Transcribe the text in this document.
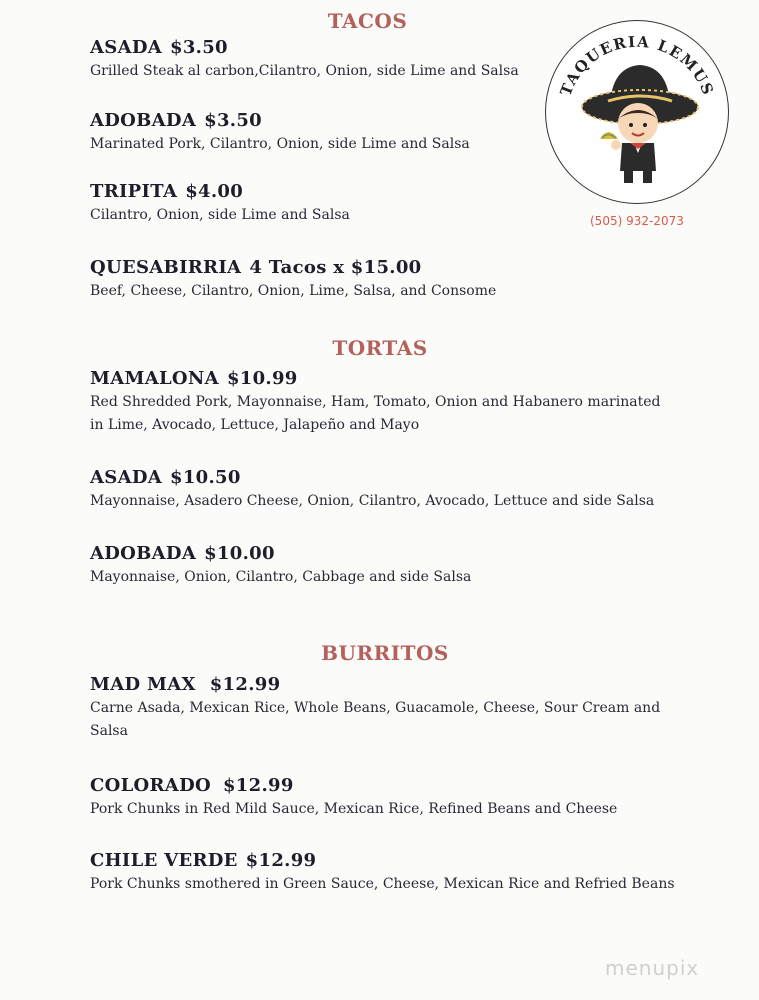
TACOS

ASADA $3.50

Grilled Steak al carbon,Cilantro, Onion, side Lime and Salsa

ADOBADA $3.50

Marinated Pork, Cilantro, Onion, side Lime and Salsa

TRIPITA $4.00

Cilantro, Onion, side Lime and Salsa

QUESABIRRIA 4 Tacos x $15.00

Beef, Cheese, Cilantro, Onion, Lime, Salsa, and Consome

TAQUERIA LEMUS
(505) 932-2073
TORTAS

MAMALONA $10.99

Red Shredded Pork, Mayonnaise, Ham, Tomato, Onion and Habanero marinated
in Lime, Avocado, Lettuce, Jalapeño and Mayo

ASADA $10.50

Mayonnaise, Asadero Cheese, Onion, Cilantro, Avocado, Lettuce and side Salsa

ADOBADA $10.00

Mayonnaise, Onion, Cilantro, Cabbage and side Salsa

BURRITOS

MAD MAX $12.99

Carne Asada, Mexican Rice, Whole Beans, Guacamole, Cheese, Sour Cream and
Salsa

COLORADO $12.99

Pork Chunks in Red Mild Sauce, Mexican Rice, Refined Beans and Cheese

CHILE VERDE $12.99

Pork Chunks smothered in Green Sauce, Cheese, Mexican Rice and Refried Beans

menupix
